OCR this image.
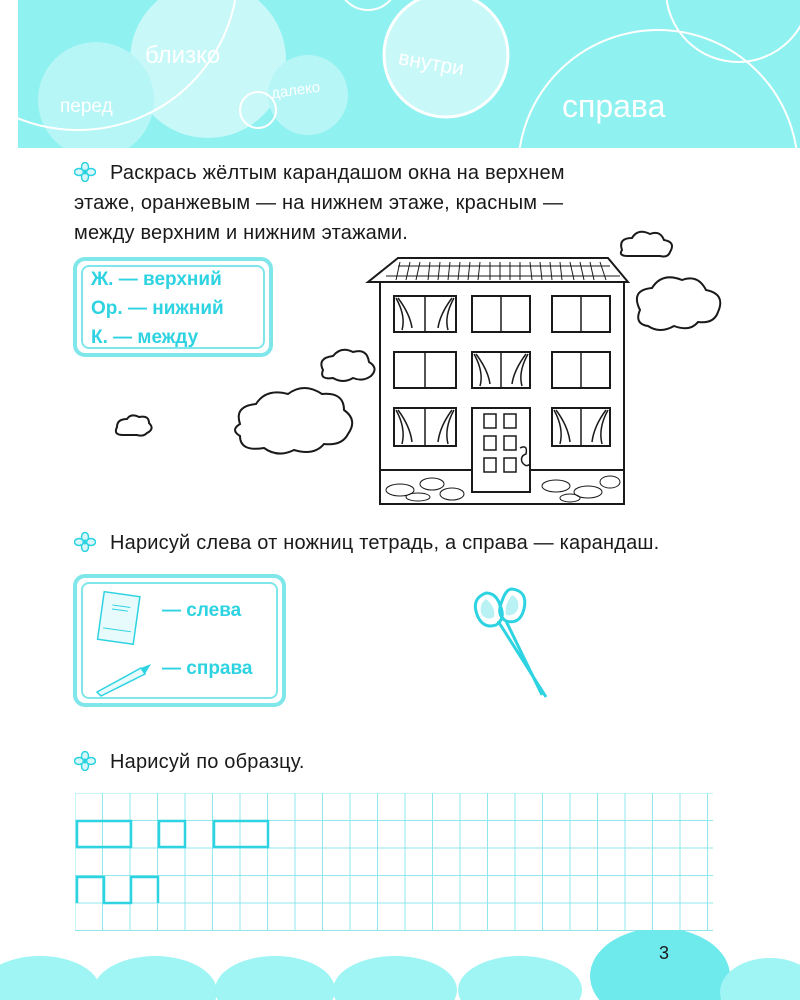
близко
перед
далеко
внутри
справа
Раскрась жёлтым карандашом окна на верхнем
этаже, оранжевым — на нижнем этаже, красным —
между верхним и нижним этажами.
Ж. — верхний
Ор. — нижний
К. — между
Нарисуй слева от ножниц тетрадь, а справа — карандаш.
— слева
— справа
Нарисуй по образцу.
3
